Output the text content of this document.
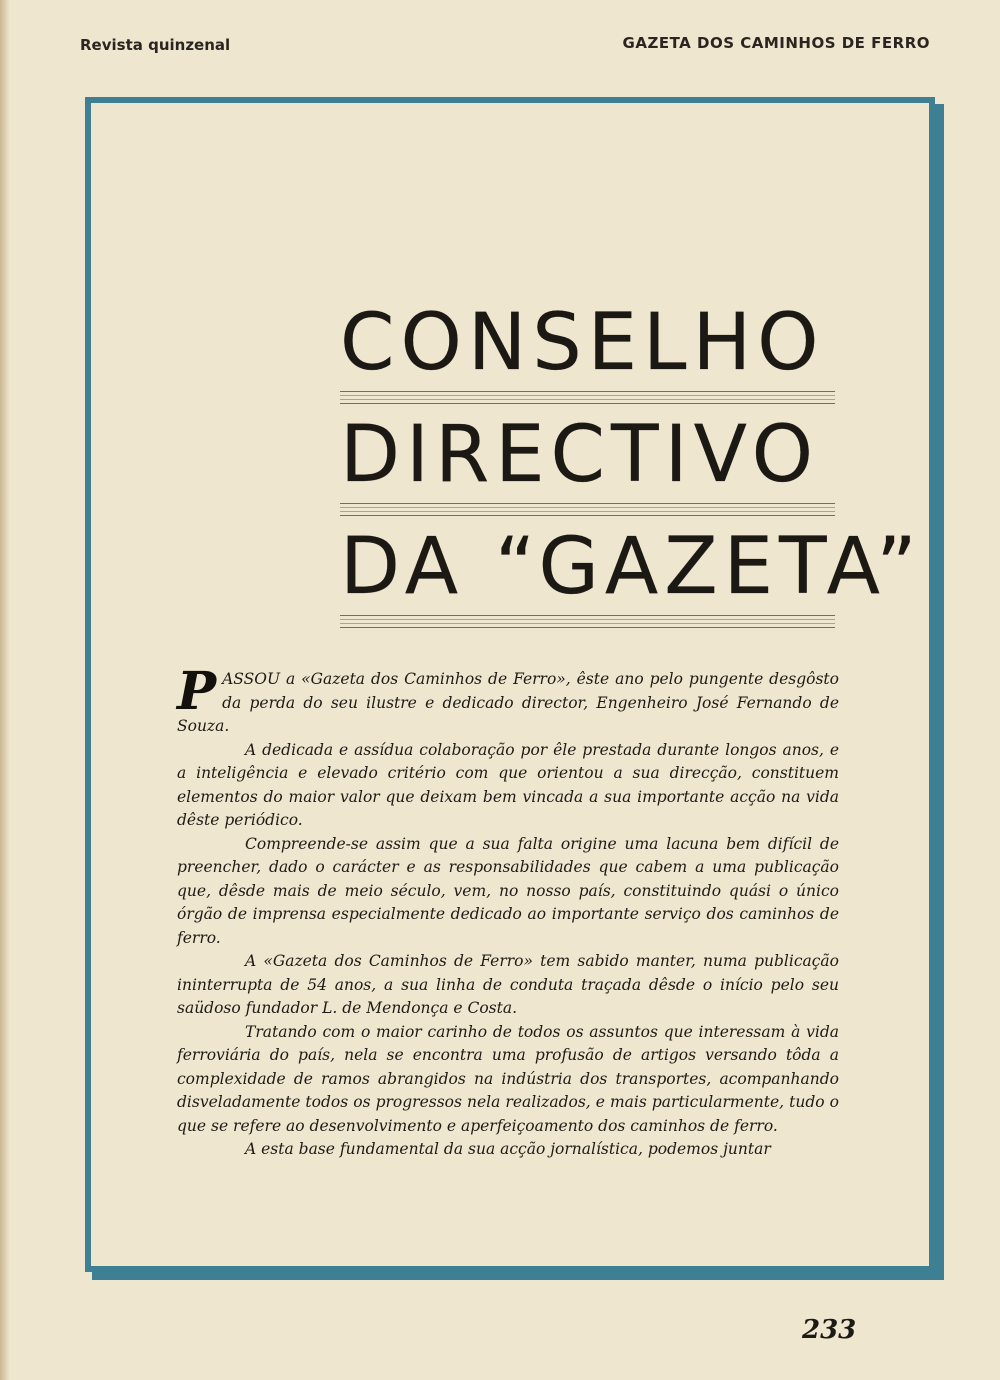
Revista quinzenal	GAZETA DOS CAMINHOS DE FERRO
CONSELHO
DIRECTIVO
DA “GAZETA”

PASSOU a «Gazeta dos Caminhos de Ferro», êste ano pelo pungente desgôsto da perda do seu ilustre e dedicado director, Engenheiro José Fernando de Souza.

A dedicada e assídua colaboração por êle prestada durante longos anos, e a inteligência e elevado critério com que orientou a sua direcção, constituem elementos do maior valor que deixam bem vincada a sua importante acção na vida dêste periódico.

Compreende-se assim que a sua falta origine uma lacuna bem difícil de preencher, dado o carácter e as responsabilidades que cabem a uma publicação que, dêsde mais de meio século, vem, no nosso país, constituindo quási o único órgão de imprensa especialmente dedicado ao importante serviço dos caminhos de ferro.

A «Gazeta dos Caminhos de Ferro» tem sabido manter, numa publicação ininterrupta de 54 anos, a sua linha de conduta traçada dêsde o início pelo seu saüdoso fundador L. de Mendonça e Costa.

Tratando com o maior carinho de todos os assuntos que interessam à vida ferroviária do país, nela se encontra uma profusão de artigos versando tôda a complexidade de ramos abrangidos na indústria dos transportes, acompanhando disveladamente todos os progressos nela realizados, e mais particularmente, tudo o que se refere ao desenvolvimento e aperfeiçoamento dos caminhos de ferro.

A esta base fundamental da sua acção jornalística, podemos juntar

233
